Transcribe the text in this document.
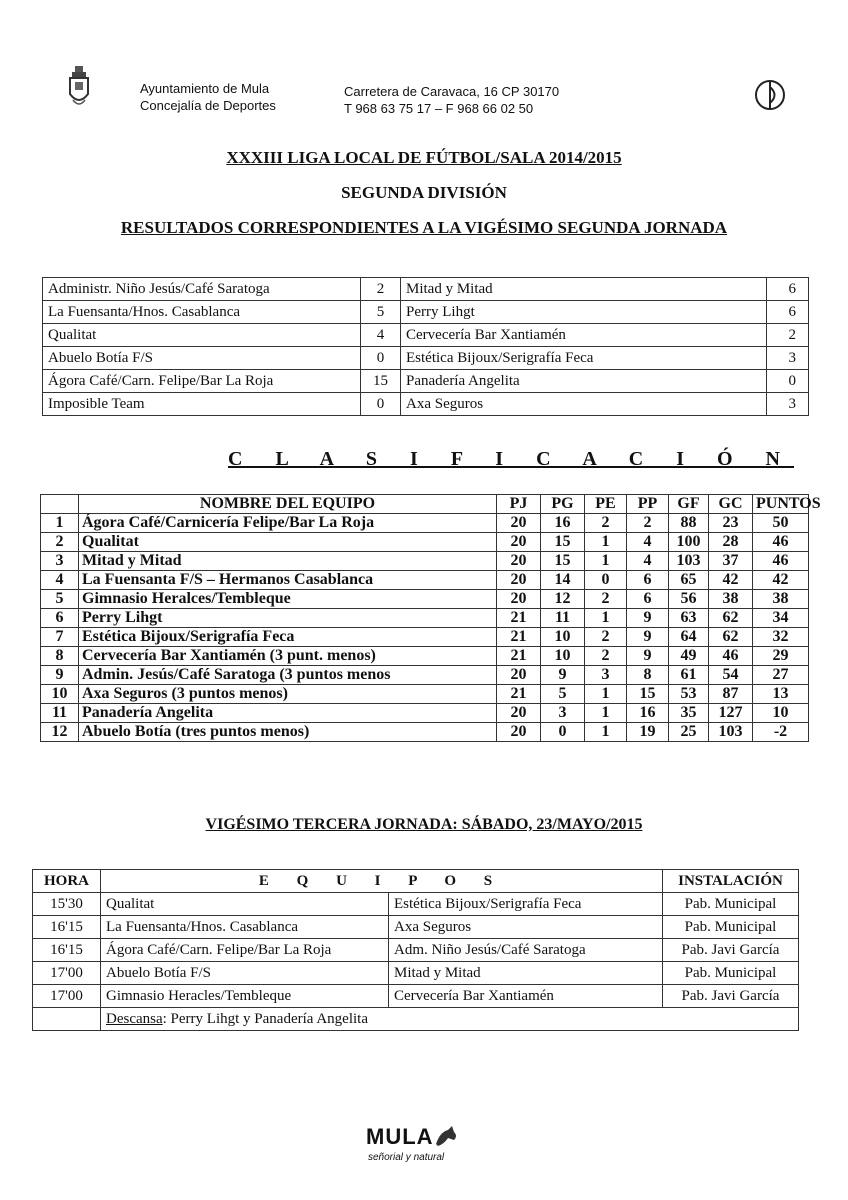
Ayuntamiento de Mula
Concejalía de Deportes
Carretera de Caravaca, 16 CP 30170
T 968 63 75 17 – F 968 66 02 50
XXXIII LIGA LOCAL DE FÚTBOL/SALA 2014/2015
SEGUNDA DIVISIÓN
RESULTADOS CORRESPONDIENTES A LA VIGÉSIMO SEGUNDA JORNADA
Administr. Niño Jesús/Café Saratoga	2	Mitad y Mitad	6
La Fuensanta/Hnos. Casablanca	5	Perry Lihgt	6
Qualitat	4	Cervecería Bar Xantiamén	2
Abuelo Botía F/S	0	Estética Bijoux/Serigrafía Feca	3
Ágora Café/Carn. Felipe/Bar La Roja	15	Panadería Angelita	0
Imposible Team	0	Axa Seguros	3
C L A S I F I C A C I Ó N
	NOMBRE DEL EQUIPO	PJ	PG	PE	PP	GF	GC	PUNTOS
1	Ágora Café/Carnicería Felipe/Bar La Roja	20	16	2	2	88	23	50
2	Qualitat	20	15	1	4	100	28	46
3	Mitad y Mitad	20	15	1	4	103	37	46
4	La Fuensanta F/S – Hermanos Casablanca	20	14	0	6	65	42	42
5	Gimnasio Heralces/Tembleque	20	12	2	6	56	38	38
6	Perry Lihgt	21	11	1	9	63	62	34
7	Estética Bijoux/Serigrafía Feca	21	10	2	9	64	62	32
8	Cervecería Bar Xantiamén (3 punt. menos)	21	10	2	9	49	46	29
9	Admin. Jesús/Café Saratoga (3 puntos menos	20	9	3	8	61	54	27
10	Axa Seguros (3 puntos menos)	21	5	1	15	53	87	13
11	Panadería Angelita	20	3	1	16	35	127	10
12	Abuelo Botía (tres puntos menos)	20	0	1	19	25	103	-2
VIGÉSIMO TERCERA JORNADA: SÁBADO, 23/MAYO/2015
HORA	E Q U I P O S		INSTALACIÓN
15'30	Qualitat	Estética Bijoux/Serigrafía Feca	Pab. Municipal
16'15	La Fuensanta/Hnos. Casablanca	Axa Seguros	Pab. Municipal
16'15	Ágora Café/Carn. Felipe/Bar La Roja	Adm. Niño Jesús/Café Saratoga	Pab. Javi García
17'00	Abuelo Botía F/S	Mitad y Mitad	Pab. Municipal
17'00	Gimnasio Heracles/Tembleque	Cervecería Bar Xantiamén	Pab. Javi García
	Descansa: Perry Lihgt y Panadería Angelita		
MULA
señorial y natural
